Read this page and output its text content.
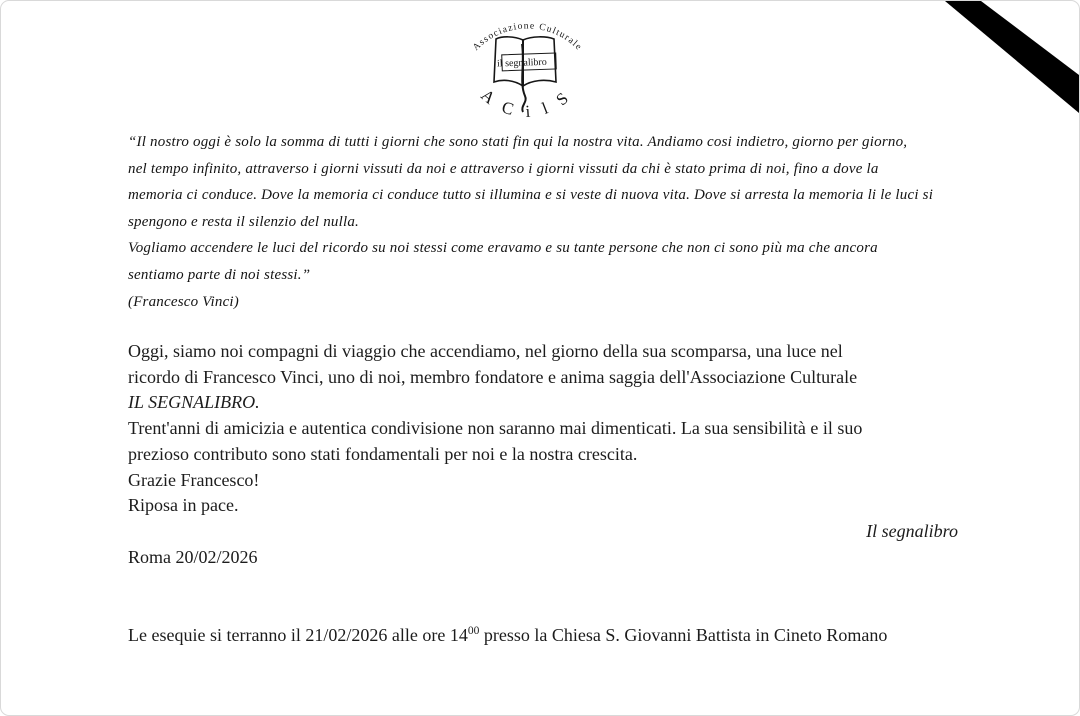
il segnalibro
Associazione Culturale
A C i l S
“Il nostro oggi è solo la somma di tutti i giorni che sono stati fin qui la nostra vita. Andiamo cosi indietro, giorno per giorno,
nel tempo infinito, attraverso i giorni vissuti da noi e attraverso i giorni vissuti da chi è stato prima di noi, fino a dove la
memoria ci conduce. Dove la memoria ci conduce tutto si illumina e si veste di nuova vita. Dove si arresta la memoria li le luci si
spengono e resta il silenzio del nulla.
Vogliamo accendere le luci del ricordo su noi stessi come eravamo e su tante persone che non ci sono più ma che ancora
sentiamo parte di noi stessi.”
(Francesco Vinci)
Oggi, siamo noi compagni di viaggio che accendiamo, nel giorno della sua scomparsa, una luce nel
ricordo di Francesco Vinci, uno di noi, membro fondatore e anima saggia dell'Associazione Culturale
IL SEGNALIBRO.
Trent'anni di amicizia e autentica condivisione non saranno mai dimenticati. La sua sensibilità e il suo
prezioso contributo sono stati fondamentali per noi e la nostra crescita.
Grazie Francesco!
Riposa in pace.
Il segnalibro
Roma 20/02/2026
Le esequie si terranno il 21/02/2026 alle ore $14^{00}$ presso la Chiesa S. Giovanni Battista in Cineto Romano
